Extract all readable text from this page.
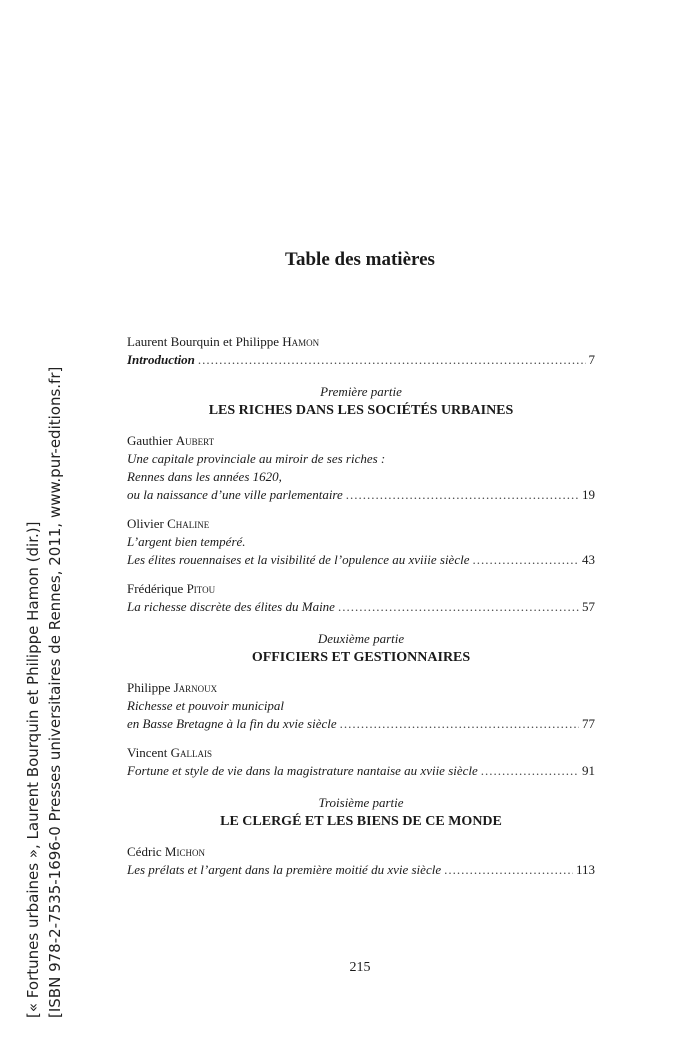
[« Fortunes urbaines », Laurent Bourquin et Philippe Hamon (dir.)] [ISBN 978-2-7535-1696-0 Presses universitaires de Rennes, 2011, www.pur-editions.fr]
Table des matières
Laurent Bourquin et Philippe Hamon
Introduction .....	7
Première partie
LES RICHES DANS LES SOCIÉTÉS URBAINES
Gauthier Aubert
Une capitale provinciale au miroir de ses riches :
Rennes dans les années 1620,
ou la naissance d’une ville parlementaire .....	19
Olivier Chaline
L’argent bien tempéré.
Les élites rouennaises et la visibilité de l’opulence au xviiie siècle .....	43
Frédérique Pitou
La richesse discrète des élites du Maine .....	57
Deuxième partie
OFFICIERS ET GESTIONNAIRES
Philippe Jarnoux
Richesse et pouvoir municipal
en Basse Bretagne à la fin du xvie siècle .....	77
Vincent Gallais
Fortune et style de vie dans la magistrature nantaise au xviie siècle .....	91
Troisième partie
LE CLERGÉ ET LES BIENS DE CE MONDE
Cédric Michon
Les prélats et l’argent dans la première moitié du xvie siècle .....	113
215
